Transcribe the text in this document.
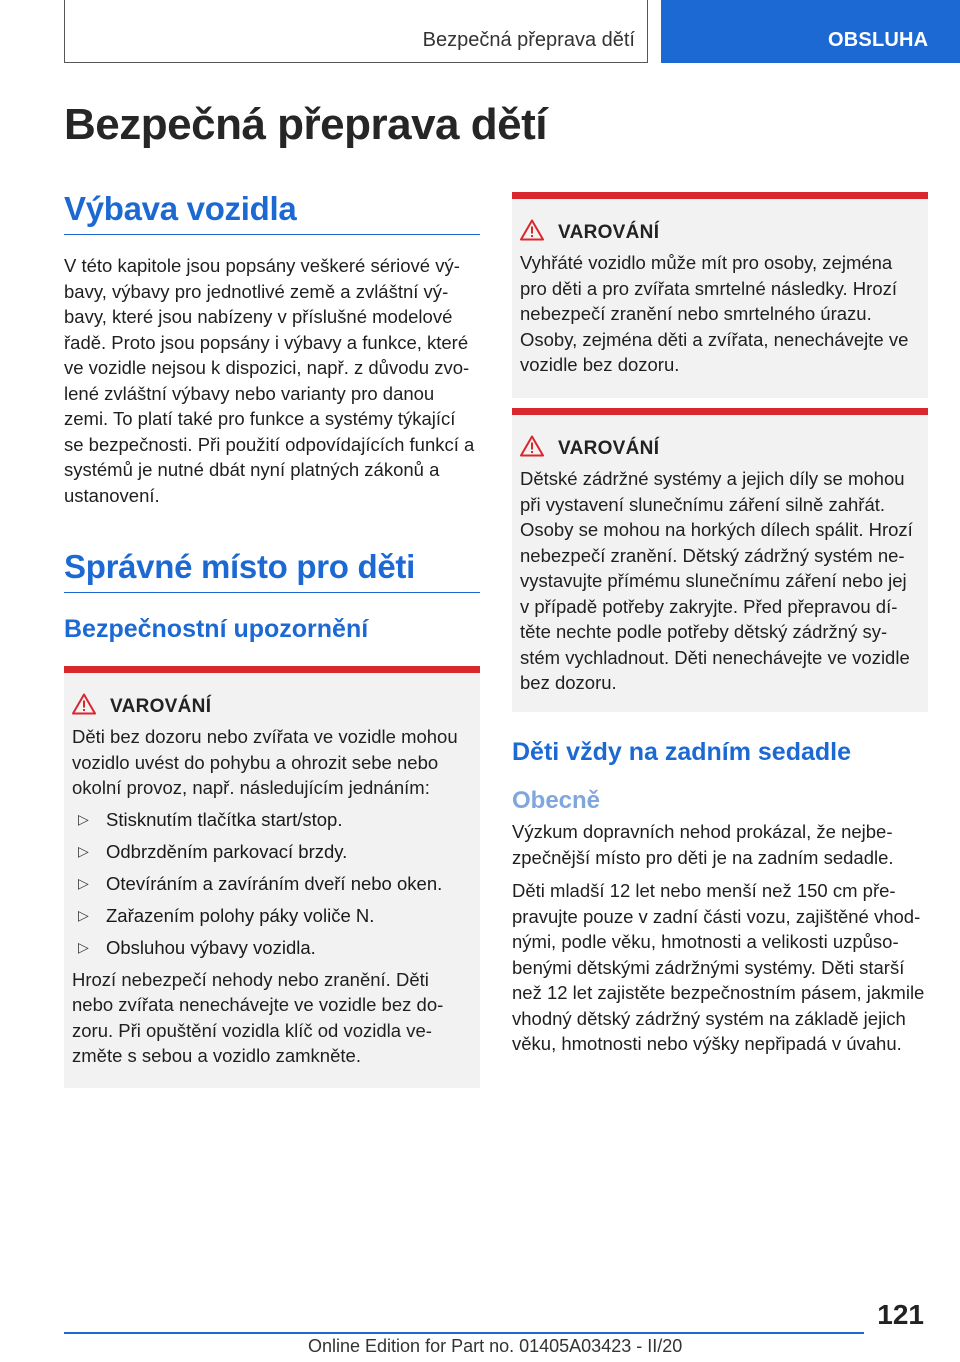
Bezpečná přeprava dětí	OBSLUHA
Bezpečná přeprava dětí
Výbava vozidla

V této kapitole jsou popsány veškeré sériové výbavy, výbavy pro jednotlivé země a zvláštní výbavy, které jsou nabízeny v příslušné modelové řadě. Proto jsou popsány i výbavy a funkce, které ve vozidle nejsou k dispozici, např. z důvodu zvolené zvláštní výbavy nebo varianty pro danou zemi. To platí také pro funkce a systémy týkající se bezpečnosti. Při použití odpovídajících funkcí a systémů je nutné dbát nyní platných zákonů a ustanovení.

Správné místo pro děti
Bezpečnostní upozornění
VAROVÁNÍ

Děti bez dozoru nebo zvířata ve vozidle mohou vozidlo uvést do pohybu a ohrozit sebe nebo okolní provoz, např. následujícím jednáním:

▷ Stisknutím tlačítka start/stop.
▷ Odbrzděním parkovací brzdy.
▷ Otevíráním a zavíráním dveří nebo oken.
▷ Zařazením polohy páky voliče N.
▷ Obsluhou výbavy vozidla.

Hrozí nebezpečí nehody nebo zranění. Děti nebo zvířata nenechávejte ve vozidle bez dozoru. Při opuštění vozidla klíč od vozidla vezměte s sebou a vozidlo zamkněte.

VAROVÁNÍ

Vyhřáté vozidlo může mít pro osoby, zejména pro děti a pro zvířata smrtelné následky. Hrozí nebezpečí zranění nebo smrtelného úrazu. Osoby, zejména děti a zvířata, nenechávejte ve vozidle bez dozoru.

VAROVÁNÍ

Dětské zádržné systémy a jejich díly se mohou při vystavení slunečnímu záření silně zahřát. Osoby se mohou na horkých dílech spálit. Hrozí nebezpečí zranění. Dětský zádržný systém nevystavujte přímému slunečnímu záření nebo jej v případě potřeby zakryjte. Před přepravou dítěte nechte podle potřeby dětský zádržný systém vychladnout. Děti nenechávejte ve vozidle bez dozoru.

Děti vždy na zadním sedadle
Obecně

Výzkum dopravních nehod prokázal, že nejbezpečnější místo pro děti je na zadním sedadle.

Děti mladší 12 let nebo menší než 150 cm přepravujte pouze v zadní části vozu, zajištěné vhodnými, podle věku, hmotnosti a velikosti uzpůsobenými dětskými zádržnými systémy. Děti starší než 12 let zajistěte bezpečnostním pásem, jakmile vhodný dětský zádržný systém na základě jejich věku, hmotnosti nebo výšky nepřipadá v úvahu.

121
Online Edition for Part no. 01405A03423 - II/20
